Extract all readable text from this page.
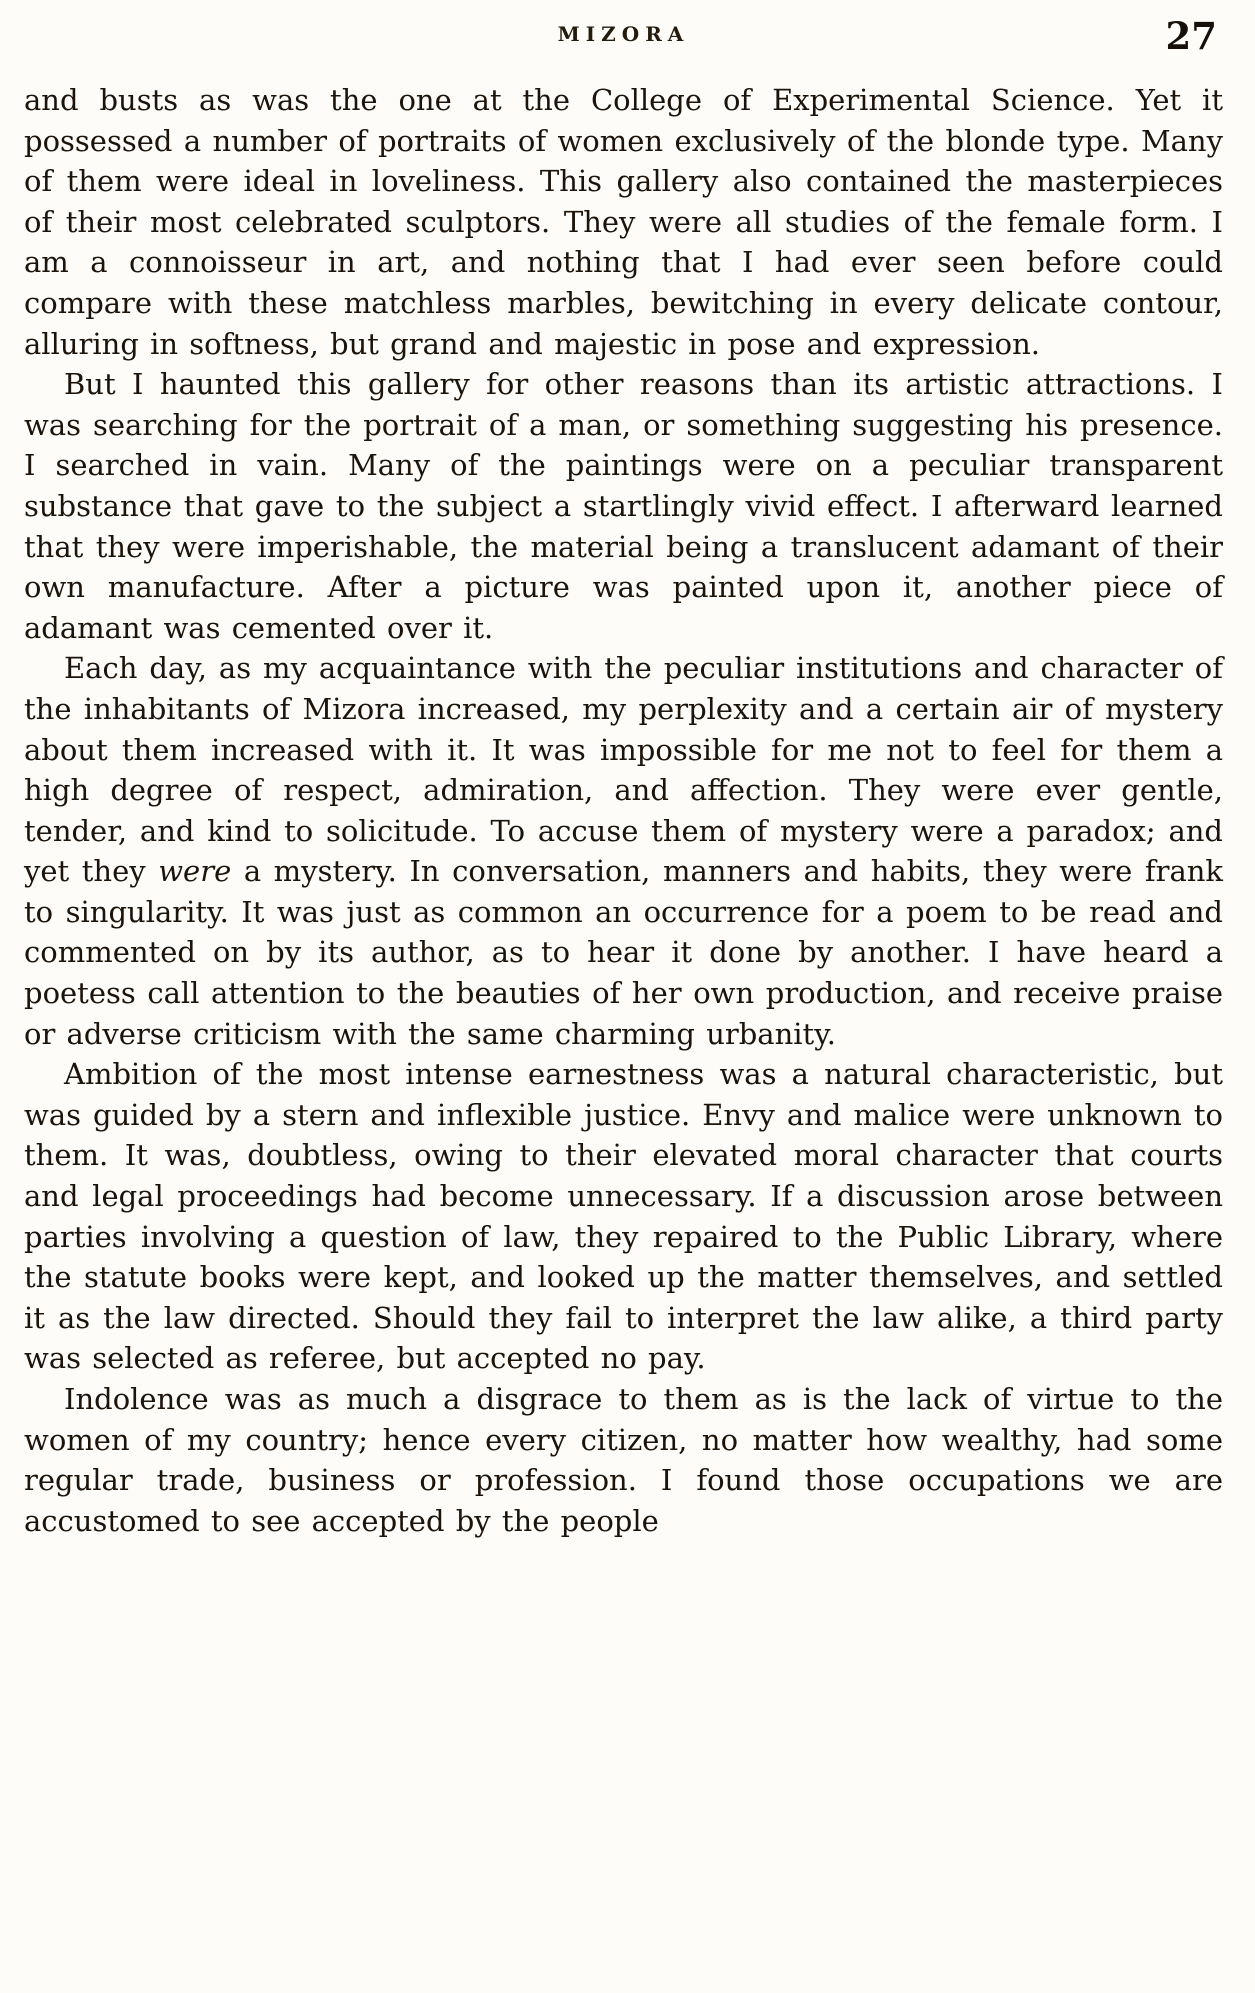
MIZORA	27

and busts as was the one at the College of Experimental Science. Yet it possessed a number of portraits of women exclusively of the blonde type. Many of them were ideal in loveliness. This gallery also contained the masterpieces of their most celebrated sculptors. They were all studies of the female form. I am a connoisseur in art, and nothing that I had ever seen before could compare with these matchless marbles, bewitching in every delicate contour, alluring in softness, but grand and majestic in pose and expression.

But I haunted this gallery for other reasons than its artistic attractions. I was searching for the portrait of a man, or something suggesting his presence. I searched in vain. Many of the paintings were on a peculiar transparent substance that gave to the subject a startlingly vivid effect. I afterward learned that they were imperishable, the material being a translucent adamant of their own manufacture. After a picture was painted upon it, another piece of adamant was cemented over it.

Each day, as my acquaintance with the peculiar institutions and character of the inhabitants of Mizora increased, my perplexity and a certain air of mystery about them increased with it. It was impossible for me not to feel for them a high degree of respect, admiration, and affection. They were ever gentle, tender, and kind to solicitude. To accuse them of mystery were a paradox; and yet they were a mystery. In conversation, manners and habits, they were frank to singularity. It was just as common an occurrence for a poem to be read and commented on by its author, as to hear it done by another. I have heard a poetess call attention to the beauties of her own production, and receive praise or adverse criticism with the same charming urbanity.

Ambition of the most intense earnestness was a natural characteristic, but was guided by a stern and inflexible justice. Envy and malice were unknown to them. It was, doubtless, owing to their elevated moral character that courts and legal proceedings had become unnecessary. If a discussion arose between parties involving a question of law, they repaired to the Public Library, where the statute books were kept, and looked up the matter themselves, and settled it as the law directed. Should they fail to interpret the law alike, a third party was selected as referee, but accepted no pay.

Indolence was as much a disgrace to them as is the lack of virtue to the women of my country; hence every citizen, no matter how wealthy, had some regular trade, business or profession. I found those occupations we are accustomed to see accepted by the people
